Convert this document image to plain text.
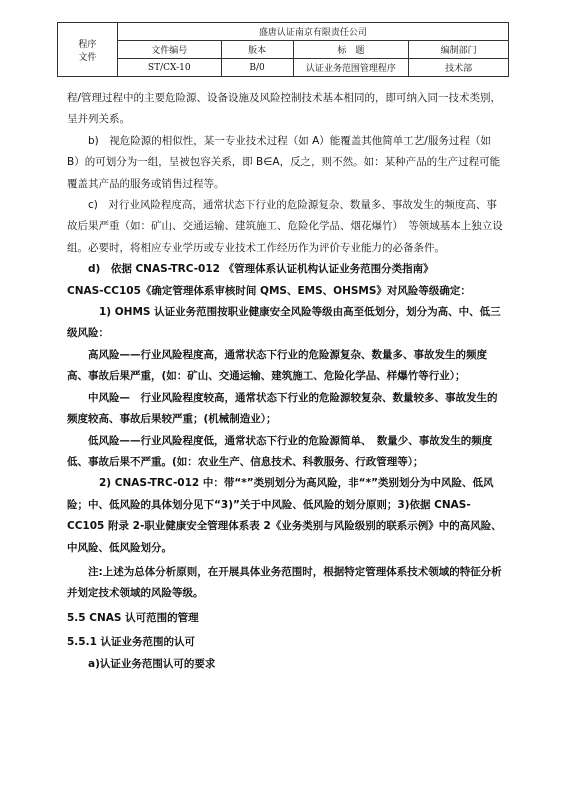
程序
文件	盛唐认证南京有限责任公司			
	文件编号	版本	标　题	编制部门
	ST/CX-10	B/0	认证业务范围管理程序	技术部

程/管理过程中的主要危险源、设备设施及风险控制技术基本相同的，即可纳入同一技术类别，呈并列关系。

b)　视危险源的相似性，某一专业技术过程（如 A）能覆盖其他简单工艺/服务过程（如 B）的可划分为一组，呈被包容关系，即 B∈A，反之，则不然。如：某种产品的生产过程可能覆盖其产品的服务或销售过程等。

c)　对行业风险程度高，通常状态下行业的危险源复杂、数量多、事故发生的频度高、事故后果严重（如：矿山、交通运输、建筑施工、危险化学品、烟花爆竹）　等领域基本上独立设组。必要时，将相应专业学历或专业技术工作经历作为评价专业能力的必备条件。

d)　依据 CNAS-TRC-012 《管理体系认证机构认证业务范围分类指南》

CNAS-CC105《确定管理体系审核时间 QMS、EMS、OHSMS》对风险等级确定：

1) OHMS 认证业务范围按职业健康安全风险等级由高至低划分，划分为高、中、低三级风险：

高风险——行业风险程度高，通常状态下行业的危险源复杂、数量多、事故发生的频度高、事故后果严重，(如：矿山、交通运输、建筑施工、危险化学品、样爆竹等行业）；

中风险—　行业风险程度较高，通常状态下行业的危险源较复杂、数量较多、事故发生的频度较高、事故后果较严重；(机械制造业）；

低风险——行业风险程度低，通常状态下行业的危险源简单、　数量少、事故发生的频度低、事故后果不严重。(如：农业生产、信息技术、科教服务、行政管理等）；

2) CNAS-TRC-012 中：带“*”类别划分为高风险，非“*”类别划分为中风险、低风险；中、低风险的具体划分见下“3)”关于中风险、低风险的划分原则；3)依据 CNAS-CC105 附录 2-职业健康安全管理体系表 2《业务类别与风险级别的联系示例》中的高风险、中风险、低风险划分。

注:上述为总体分析原则，在开展具体业务范围时，根据特定管理体系技术领域的特征分析并划定技术领域的风险等级。

5.5 CNAS 认可范围的管理

5.5.1 认证业务范围的认可

a)认证业务范围认可的要求
